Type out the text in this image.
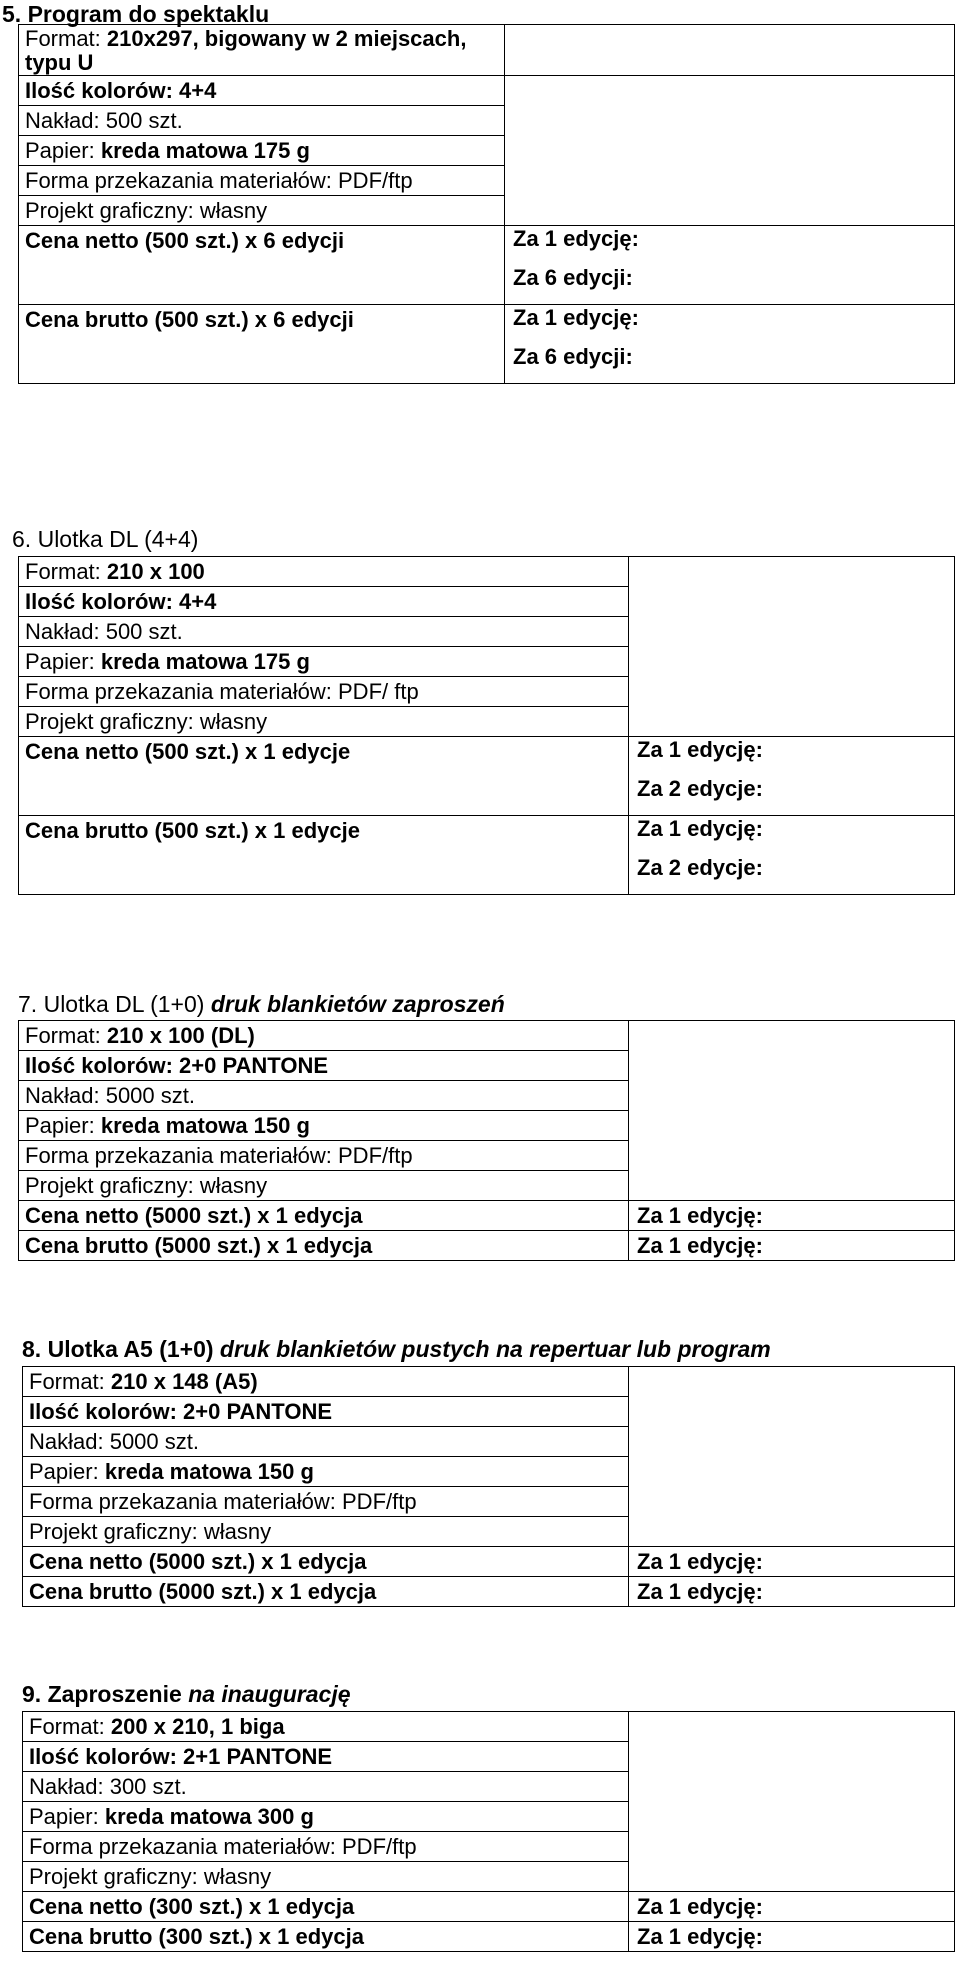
5. Program do spektaklu
Format: 210x297, bigowany w 2 miejscach,
typu U	

Ilość kolorów: 4+4	
Nakład: 500 szt.	
Papier: kreda matowa 175 g	
Forma przekazania materiałów: PDF/ftp	
Projekt graficzny: własny	
Cena netto (500 szt.) x 6 edycji	Za 1 edycję:
Za 6 edycji:

Cena brutto (500 szt.) x 6 edycji	Za 1 edycję:
Za 6 edycji:
6. Ulotka DL (4+4)
Format: 210 x 100	
Ilość kolorów: 4+4	
Nakład: 500 szt.	
Papier: kreda matowa 175 g	
Forma przekazania materiałów: PDF/ ftp	
Projekt graficzny: własny	
Cena netto (500 szt.) x 1 edycje	Za 1 edycję:
Za 2 edycje:

Cena brutto (500 szt.) x 1 edycje	Za 1 edycję:
Za 2 edycje:
7. Ulotka DL (1+0) druk blankietów zaproszeń
Format: 210 x 100 (DL)	
Ilość kolorów: 2+0 PANTONE	
Nakład: 5000 szt.	
Papier: kreda matowa 150 g	
Forma przekazania materiałów: PDF/ftp	
Projekt graficzny: własny	
Cena netto (5000 szt.) x 1 edycja	Za 1 edycję:
Cena brutto (5000 szt.) x 1 edycja	Za 1 edycję:
8. Ulotka A5 (1+0) druk blankietów pustych na repertuar lub program
Format: 210 x 148 (A5)	
Ilość kolorów: 2+0 PANTONE	
Nakład: 5000 szt.	
Papier: kreda matowa 150 g	
Forma przekazania materiałów: PDF/ftp	
Projekt graficzny: własny	
Cena netto (5000 szt.) x 1 edycja	Za 1 edycję:
Cena brutto (5000 szt.) x 1 edycja	Za 1 edycję:
9. Zaproszenie na inaugurację
Format: 200 x 210, 1 biga	
Ilość kolorów: 2+1 PANTONE	
Nakład: 300 szt.	
Papier: kreda matowa 300 g	
Forma przekazania materiałów: PDF/ftp	
Projekt graficzny: własny	
Cena netto (300 szt.) x 1 edycja	Za 1 edycję:
Cena brutto (300 szt.) x 1 edycja	Za 1 edycję:
